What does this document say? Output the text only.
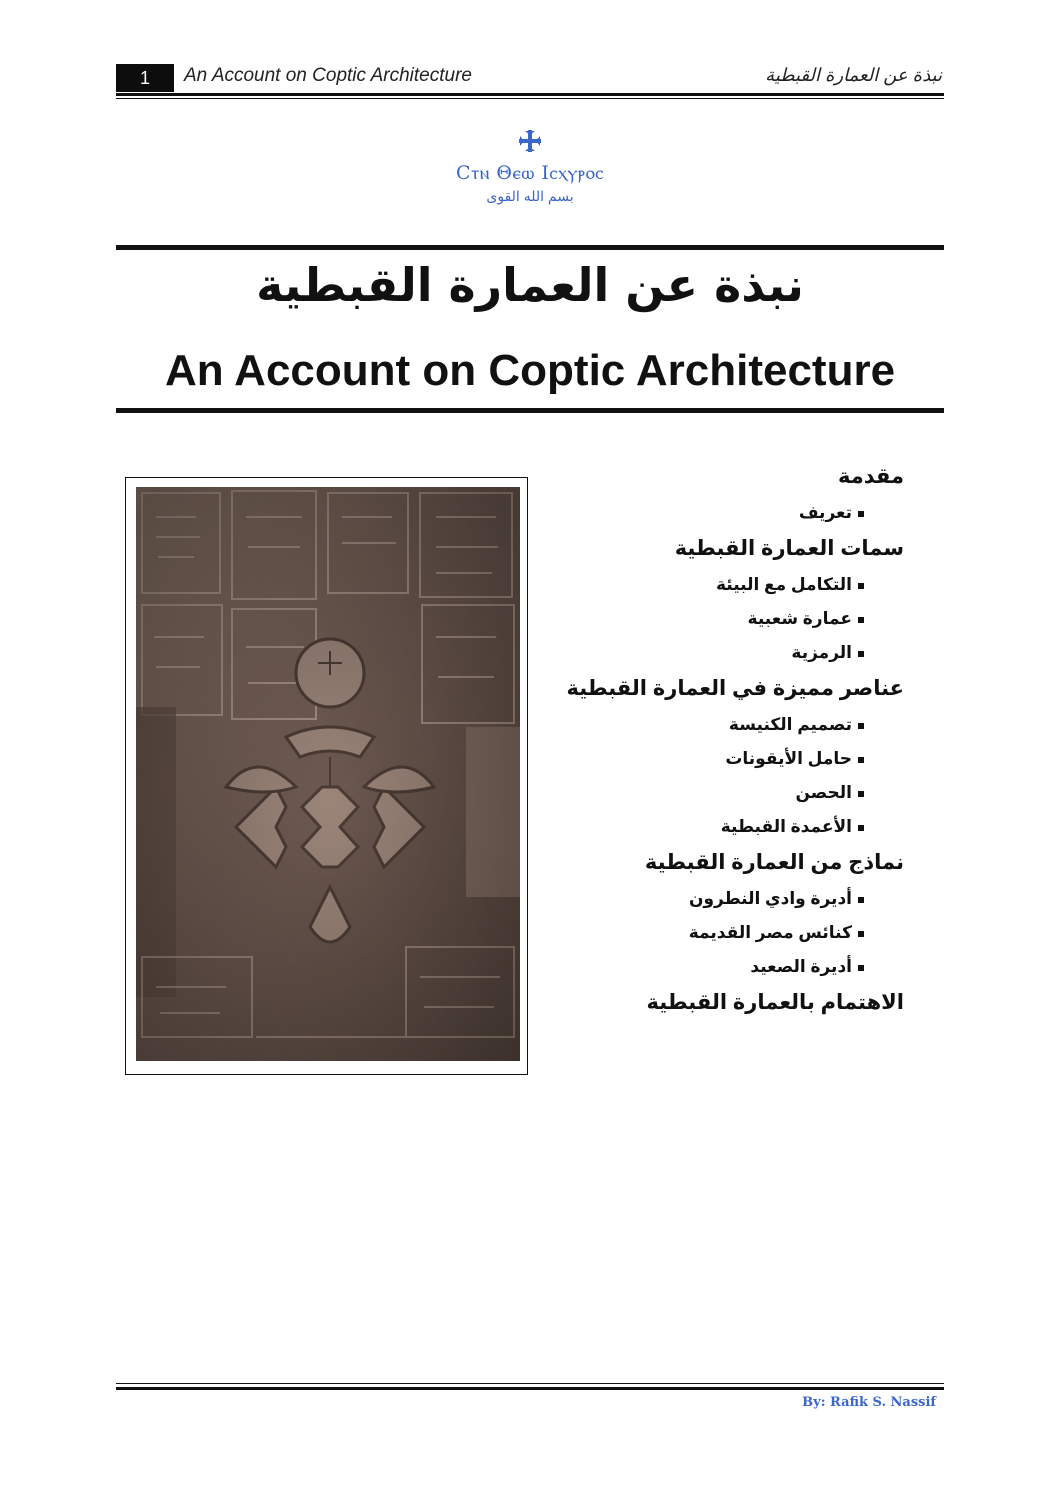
1	An Account on Coptic Architecture	نبذة عن العمارة القبطية
Ϲⲧⲛ Θⲉⲱ Ιⲥⲭⲩⲣⲟⲥ
بسم الله القوى
نبذة عن العمارة القبطية
An Account on Coptic Architecture
مقدمة
تعريف
سمات العمارة القبطية
التكامل مع البيئة
عمارة شعبية
الرمزية
عناصر مميزة في العمارة القبطية
تصميم الكنيسة
حامل الأيقونات
الحصن
الأعمدة القبطية
نماذج من العمارة القبطية
أديرة وادي النطرون
كنائس مصر القديمة
أديرة الصعيد
الاهتمام بالعمارة القبطية
By: Rafik S. Nassif
